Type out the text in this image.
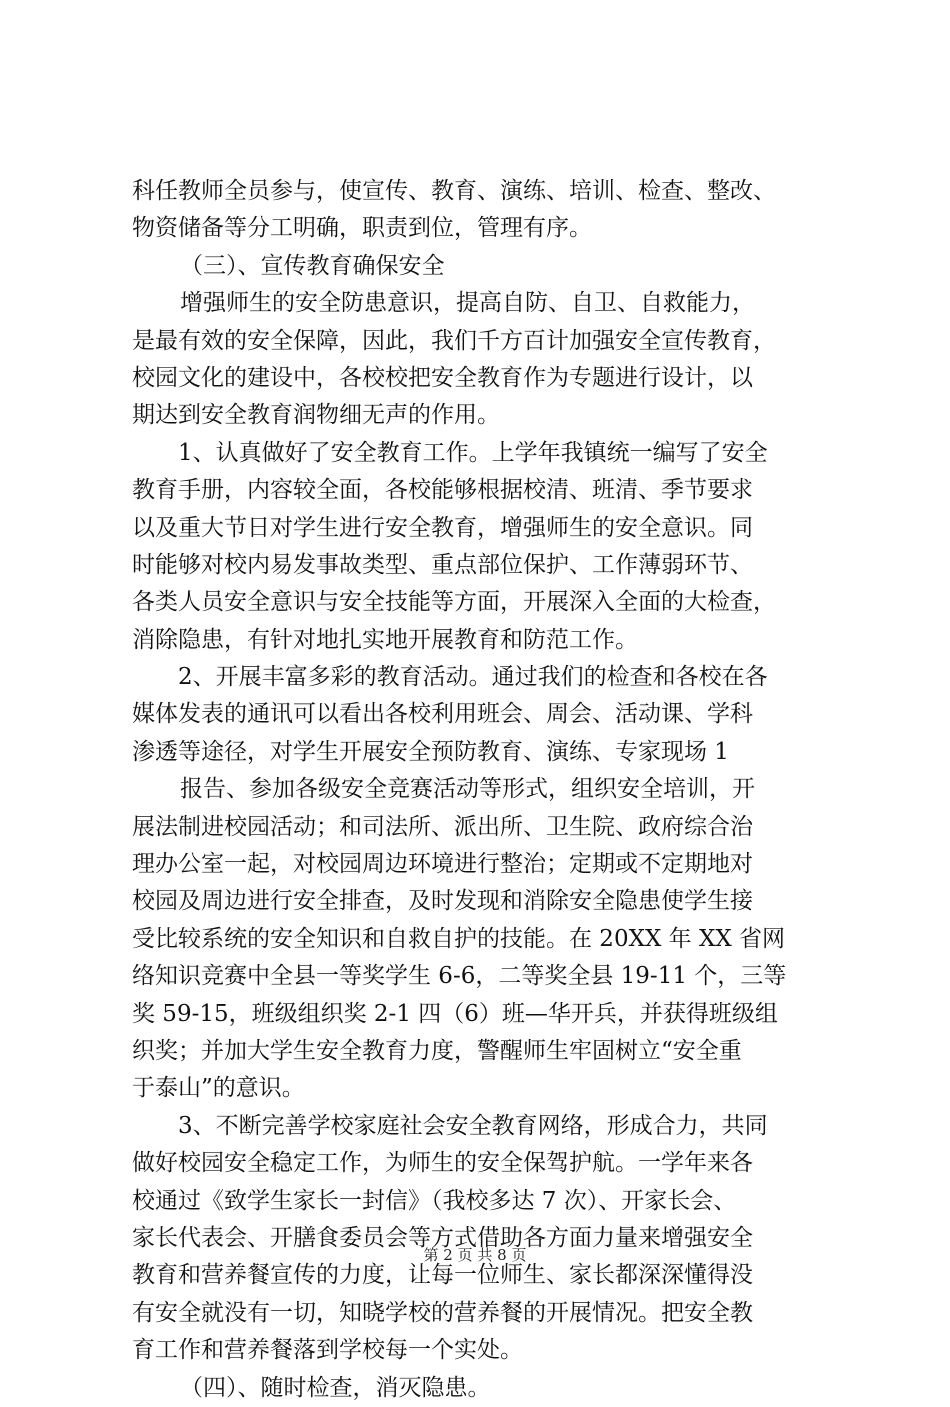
科任教师全员参与，使宣传、教育、演练、培训、检查、整改、
物资储备等分工明确，职责到位，管理有序。
（三）、宣传教育确保安全
增强师生的安全防患意识，提高自防、自卫、自救能力，
是最有效的安全保障，因此，我们千方百计加强安全宣传教育，
校园文化的建设中，各校校把安全教育作为专题进行设计，以
期达到安全教育润物细无声的作用。
1、认真做好了安全教育工作。上学年我镇统一编写了安全
教育手册，内容较全面，各校能够根据校清、班清、季节要求
以及重大节日对学生进行安全教育，增强师生的安全意识。同
时能够对校内易发事故类型、重点部位保护、工作薄弱环节、
各类人员安全意识与安全技能等方面，开展深入全面的大检查，
消除隐患，有针对地扎实地开展教育和防范工作。
2、开展丰富多彩的教育活动。通过我们的检查和各校在各
媒体发表的通讯可以看出各校利用班会、周会、活动课、学科
渗透等途径，对学生开展安全预防教育、演练、专家现场 1
报告、参加各级安全竞赛活动等形式，组织安全培训，开
展法制进校园活动；和司法所、派出所、卫生院、政府综合治
理办公室一起，对校园周边环境进行整治；定期或不定期地对
校园及周边进行安全排查，及时发现和消除安全隐患使学生接
受比较系统的安全知识和自救自护的技能。在 20XX 年 XX 省网
络知识竞赛中全县一等奖学生 6-6，二等奖全县 19-11 个，三等
奖 59-15，班级组织奖 2-1 四（6）班—华开兵，并获得班级组
织奖；并加大学生安全教育力度，警醒师生牢固树立“安全重
于泰山”的意识。
3、不断完善学校家庭社会安全教育网络，形成合力，共同
做好校园安全稳定工作，为师生的安全保驾护航。一学年来各
校通过《致学生家长一封信》（我校多达 7 次）、开家长会、
家长代表会、开膳食委员会等方式借助各方面力量来增强安全
教育和营养餐宣传的力度，让每一位师生、家长都深深懂得没
有安全就没有一切，知晓学校的营养餐的开展情况。把安全教
育工作和营养餐落到学校每一个实处。
（四）、随时检查，消灭隐患。
第 2 页 共 8 页
